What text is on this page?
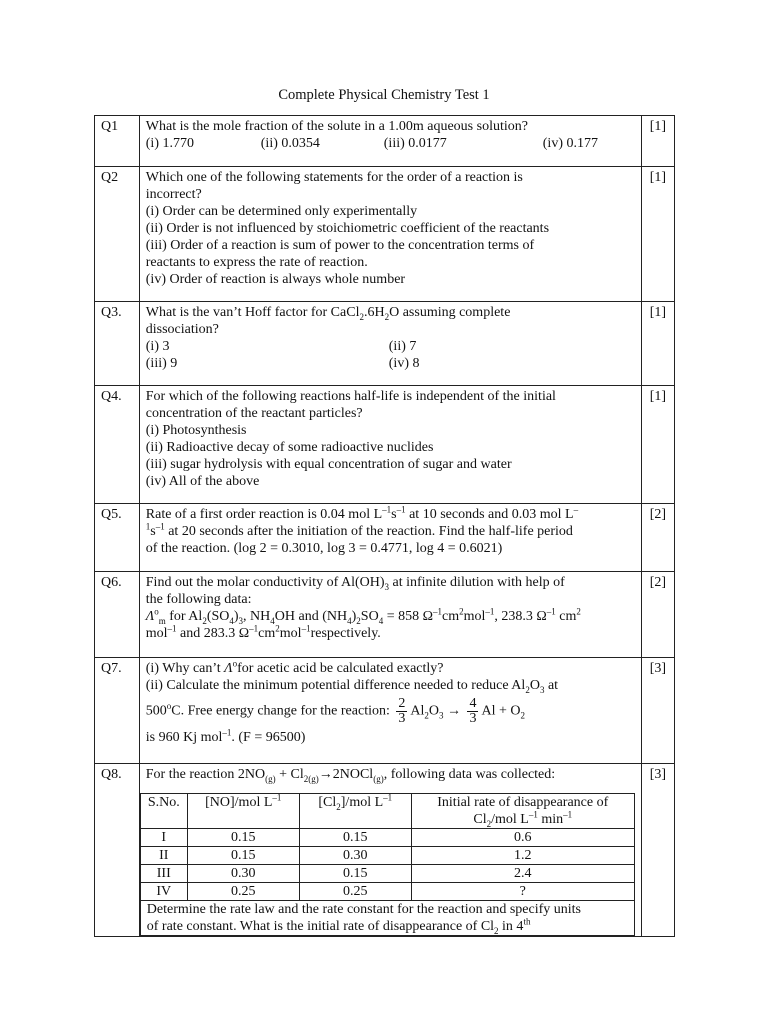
Complete Physical Chemistry Test 1
Q1	What is the mole fraction of the solute in a 1.00m aqueous solution?
(i) 1.770	(ii) 0.0354	(iii) 0.0177	(iv) 0.177
	[1]
Q2	Which one of the following statements for the order of a reaction is
incorrect?
(i) Order can be determined only experimentally
(ii) Order is not influenced by stoichiometric coefficient of the reactants
(iii) Order of a reaction is sum of power to the concentration terms of
reactants to express the rate of reaction.
(iv) Order of reaction is always whole number
	[1]
Q3.	What is the van’t Hoff factor for $CaCl_2.6H_2O$ assuming complete
dissociation?
(i) 3	(ii) 7
(iii) 9	(iv) 8
	[1]
Q4.	For which of the following reactions half-life is independent of the initial
concentration of the reactant particles?
(i) Photosynthesis
(ii) Radioactive decay of some radioactive nuclides
(iii) sugar hydrolysis with equal concentration of sugar and water
(iv) All of the above
	[1]
Q5.	Rate of a first order reaction is 0.04 mol $L^{-1}s^{-1}$ at 10 seconds and 0.03 mol L–
$^1s^{-1}$ at 20 seconds after the initiation of the reaction. Find the half-life period
of the reaction. (log 2 = 0.3010, log 3 = 0.4771, log 4 = 0.6021)
	[2]
Q6.	Find out the molar conductivity of $Al(OH)_3$ at infinite dilution with help of
the following data:
$\Lambda^o_m$ for $Al_2(SO_4)_3$, $NH_4OH$ and $(NH_4)_2SO_4 = 858$ $\Omega^{-1}cm^2mol^{-1}$, 238.3 $\Omega^{-1}$ $cm^2$
mol$^{-1}$ and 283.3 $\Omega^{-1}cm^2mol^{-1}respectively$.
	[2]
Q7.	(i) Why can’t $\Lambda^ofor$ acetic acid be calculated exactly?
(ii) Calculate the minimum potential difference needed to reduce $Al_2O_3$ at
500$^o$C. Free energy change for the reaction: $\frac{2}{3} Al_2O_3 \to \frac{4}{3}$ $Al + O_2$
is 960 Kj mol$^{-1}$. (F = 96500)
	[3]
Q8.	For the reaction $2NO_{(g)}$ + $Cl_{2(g)}\to 2NOCl_{(g)}$, following data was collected:
S.No.	[NO]/mol $L^{-1}$	$[Cl_2]$/mol $L^{-1}$	Initial rate of disappearance of
$Cl_2$/mol $L^{-1}$ $\min^{-1}$
I	0.15	0.15	0.6
II	0.15	0.30	1.2
III	0.30	0.15	2.4
IV	0.25	0.25	?

Determine the rate law and the rate constant for the reaction and specify units
of rate constant. What is the initial rate of disappearance of $Cl_2$ in 4th
	[3]
